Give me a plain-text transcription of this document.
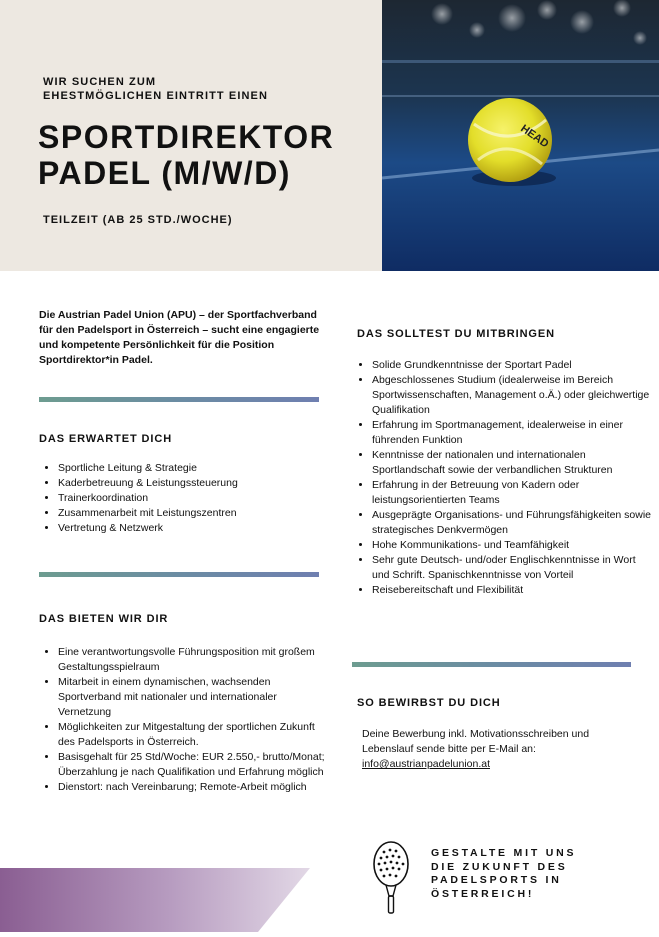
HEAD
WIR SUCHEN ZUM
EHESTMÖGLICHEN EINTRITT EINEN
SPORTDIREKTOR
PADEL (M/W/D)
TEILZEIT (AB 25 STD./WOCHE)
Die Austrian Padel Union (APU) – der Sportfachverband für den Padelsport in Österreich – sucht eine engagierte und kompetente Persönlichkeit für die Position Sportdirektor*in Padel.
DAS ERWARTET DICH
• Sportliche Leitung & Strategie
• Kaderbetreuung & Leistungssteuerung
• Trainerkoordination
• Zusammenarbeit mit Leistungszentren
• Vertretung & Netzwerk
DAS BIETEN WIR DIR
• Eine verantwortungsvolle Führungsposition mit großem Gestaltungsspielraum
• Mitarbeit in einem dynamischen, wachsenden Sportverband mit nationaler und internationaler Vernetzung
• Möglichkeiten zur Mitgestaltung der sportlichen Zukunft des Padelsports in Österreich.
• Basisgehalt für 25 Std/Woche: EUR 2.550,- brutto/Monat; Überzahlung je nach Qualifikation und Erfahrung möglich
• Dienstort: nach Vereinbarung; Remote-Arbeit möglich
DAS SOLLTEST DU MITBRINGEN
• Solide Grundkenntnisse der Sportart Padel
• Abgeschlossenes Studium (idealerweise im Bereich Sportwissenschaften, Management o.Ä.) oder gleichwertige Qualifikation
• Erfahrung im Sportmanagement, idealerweise in einer führenden Funktion
• Kenntnisse der nationalen und internationalen Sportlandschaft sowie der verbandlichen Strukturen
• Erfahrung in der Betreuung von Kadern oder leistungsorientierten Teams
• Ausgeprägte Organisations- und Führungsfähigkeiten sowie strategisches Denkvermögen
• Hohe Kommunikations- und Teamfähigkeit
• Sehr gute Deutsch- und/oder Englischkenntnisse in Wort und Schrift. Spanischkenntnisse von Vorteil
• Reisebereitschaft und Flexibilität
SO BEWIRBST DU DICH
Deine Bewerbung inkl. Motivationsschreiben und Lebenslauf sende bitte per E-Mail an:
info@austrianpadelunion.at
GESTALTE MIT UNS
DIE ZUKUNFT DES
PADELSPORTS IN
ÖSTERREICH!
